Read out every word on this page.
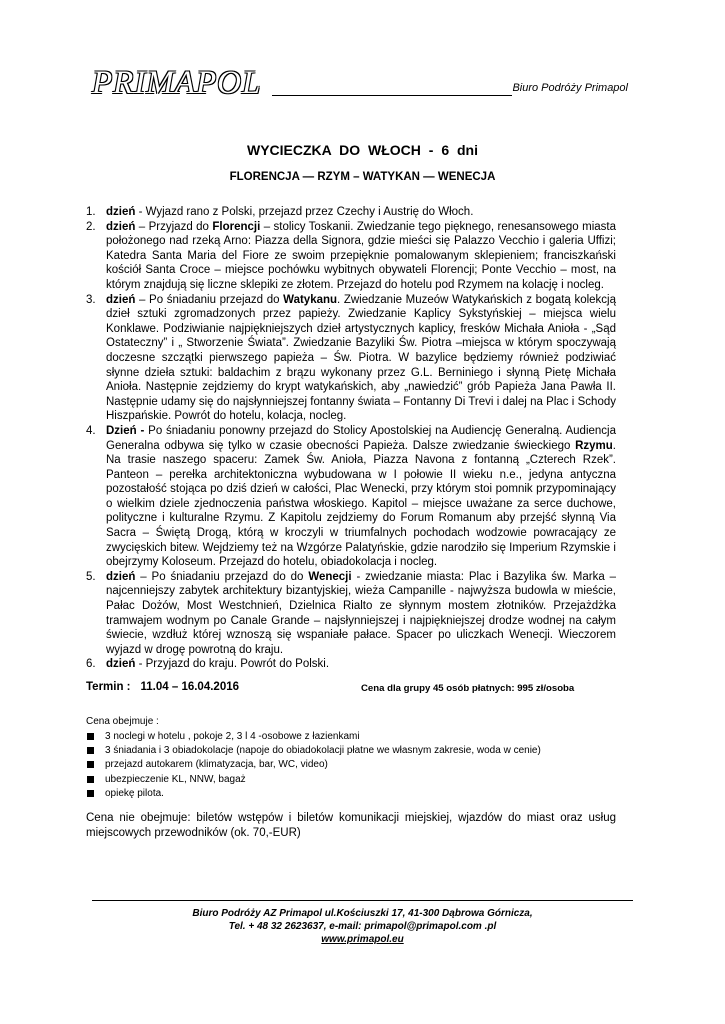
PRIMAPOL	Biuro Podróży Primapol
WYCIECZKA DO WŁOCH - 6 dni
FLORENCJA — RZYM – WATYKAN — WENECJA
1. dzień - Wyjazd rano z Polski, przejazd przez Czechy i Austrię do Włoch.
2. dzień – Przyjazd do Florencji – stolicy Toskanii. Zwiedzanie tego pięknego, renesansowego miasta położonego nad rzeką Arno: Piazza della Signora, gdzie mieści się Palazzo Vecchio i galeria Uffizi; Katedra Santa Maria del Fiore ze swoim przepięknie pomalowanym sklepieniem; franciszkański kościół Santa Croce – miejsce pochówku wybitnych obywateli Florencji; Ponte Vecchio – most, na którym znajdują się liczne sklepiki ze złotem. Przejazd do hotelu pod Rzymem na kolację i nocleg.
3. dzień – Po śniadaniu przejazd do Watykanu. Zwiedzanie Muzeów Watykańskich z bogatą kolekcją dzieł sztuki zgromadzonych przez papieży. Zwiedzanie Kaplicy Sykstyńskiej – miejsca wielu Konklawe. Podziwianie najpiękniejszych dzieł artystycznych kaplicy, fresków Michała Anioła - „Sąd Ostateczny” i „ Stworzenie Świata”. Zwiedzanie Bazyliki Św. Piotra –miejsca w którym spoczywają doczesne szczątki pierwszego papieża – Św. Piotra. W bazylice będziemy również podziwiać słynne dzieła sztuki: baldachim z brązu wykonany przez G.L. Berniniego i słynną Pietę Michała Anioła. Następnie zejdziemy do krypt watykańskich, aby „nawiedzić” grób Papieża Jana Pawła II. Następnie udamy się do najsłynniejszej fontanny świata – Fontanny Di Trevi i dalej na Plac i Schody Hiszpańskie. Powrót do hotelu, kolacja, nocleg.
4. Dzień - Po śniadaniu ponowny przejazd do Stolicy Apostolskiej na Audiencję Generalną. Audiencja Generalna odbywa się tylko w czasie obecności Papieża. Dalsze zwiedzanie świeckiego Rzymu. Na trasie naszego spaceru: Zamek Św. Anioła, Piazza Navona z fontanną „Czterech Rzek”. Panteon – perełka architektoniczna wybudowana w I połowie II wieku n.e., jedyna antyczna pozostałość stojąca po dziś dzień w całości, Plac Wenecki, przy którym stoi pomnik przypominający o wielkim dziele zjednoczenia państwa włoskiego. Kapitol – miejsce uważane za serce duchowe, polityczne i kulturalne Rzymu. Z Kapitolu zejdziemy do Forum Romanum aby przejść słynną Via Sacra – Świętą Drogą, którą w kroczyli w triumfalnych pochodach wodzowie powracający ze zwycięskich bitew. Wejdziemy też na Wzgórze Palatyńskie, gdzie narodziło się Imperium Rzymskie i obejrzymy Koloseum. Przejazd do hotelu, obiadokolacja i nocleg.
5. dzień – Po śniadaniu przejazd do do Wenecji - zwiedzanie miasta: Plac i Bazylika św. Marka – najcenniejszy zabytek architektury bizantyjskiej, wieża Campanille - najwyższa budowla w mieście, Pałac Dożów, Most Westchnień, Dzielnica Rialto ze słynnym mostem złotników. Przejażdżka tramwajem wodnym po Canale Grande – najsłynniejszej i najpiękniejszej drodze wodnej na całym świecie, wzdłuż której wznoszą się wspaniałe pałace. Spacer po uliczkach Wenecji. Wieczorem wyjazd w drogę powrotną do kraju.
6. dzień - Przyjazd do kraju. Powrót do Polski.
Termin : 11.04 – 16.04.2016	Cena dla grupy 45 osób płatnych: 995 zł/osoba
Cena obejmuje :
3 noclegi w hotelu , pokoje 2, 3 l 4 -osobowe z łazienkami
3 śniadania i 3 obiadokolacje (napoje do obiadokolacji płatne we własnym zakresie, woda w cenie)
przejazd autokarem (klimatyzacja, bar, WC, video)
ubezpieczenie KL, NNW, bagaż
opiekę pilota.
Cena nie obejmuje: biletów wstępów i biletów komunikacji miejskiej, wjazdów do miast oraz usług miejscowych przewodników (ok. 70,-EUR)
Biuro Podróży AZ Primapol ul.Kościuszki 17, 41-300 Dąbrowa Górnicza,
Tel. + 48 32 2623637, e-mail: primapol@primapol.com .pl
www.primapol.eu
